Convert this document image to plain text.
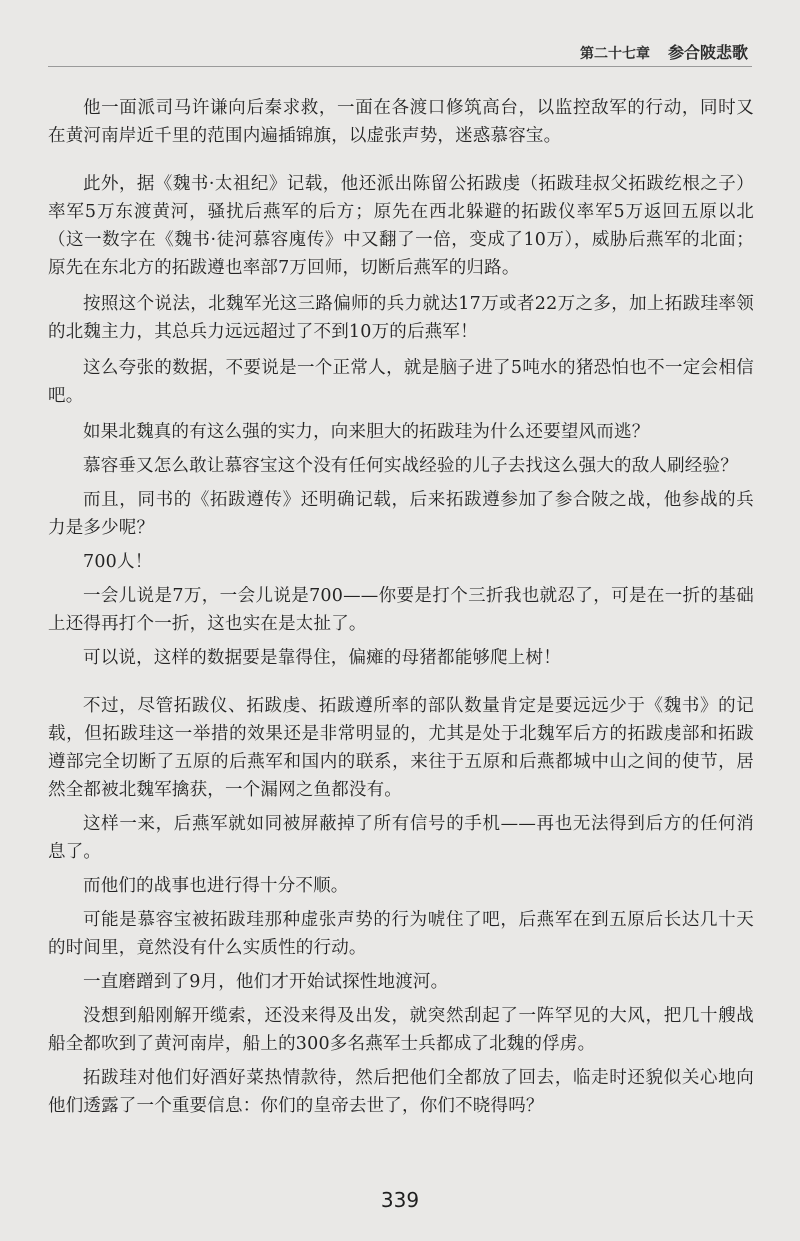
第二十七章 参合陂悲歌

他一面派司马许谦向后秦求救，一面在各渡口修筑高台，以监控敌军的行动，同时又在黄河南岸近千里的范围内遍插锦旗，以虚张声势，迷惑慕容宝。

此外，据《魏书·太祖纪》记载，他还派出陈留公拓跋虔（拓跋珪叔父拓跋纥根之子）率军5万东渡黄河，骚扰后燕军的后方；原先在西北躲避的拓跋仪率军5万返回五原以北（这一数字在《魏书·徒河慕容廆传》中又翻了一倍，变成了10万），威胁后燕军的北面；原先在东北方的拓跋遵也率部7万回师，切断后燕军的归路。

按照这个说法，北魏军光这三路偏师的兵力就达17万或者22万之多，加上拓跋珪率领的北魏主力，其总兵力远远超过了不到10万的后燕军！

这么夸张的数据，不要说是一个正常人，就是脑子进了5吨水的猪恐怕也不一定会相信吧。

如果北魏真的有这么强的实力，向来胆大的拓跋珪为什么还要望风而逃？

慕容垂又怎么敢让慕容宝这个没有任何实战经验的儿子去找这么强大的敌人刷经验？

而且，同书的《拓跋遵传》还明确记载，后来拓跋遵参加了参合陂之战，他参战的兵力是多少呢？

700人！

一会儿说是7万，一会儿说是700——你要是打个三折我也就忍了，可是在一折的基础上还得再打个一折，这也实在是太扯了。

可以说，这样的数据要是靠得住，偏瘫的母猪都能够爬上树！

不过，尽管拓跋仪、拓跋虔、拓跋遵所率的部队数量肯定是要远远少于《魏书》的记载，但拓跋珪这一举措的效果还是非常明显的，尤其是处于北魏军后方的拓跋虔部和拓跋遵部完全切断了五原的后燕军和国内的联系，来往于五原和后燕都城中山之间的使节，居然全都被北魏军擒获，一个漏网之鱼都没有。

这样一来，后燕军就如同被屏蔽掉了所有信号的手机——再也无法得到后方的任何消息了。

而他们的战事也进行得十分不顺。

可能是慕容宝被拓跋珪那种虚张声势的行为唬住了吧，后燕军在到五原后长达几十天的时间里，竟然没有什么实质性的行动。

一直磨蹭到了9月，他们才开始试探性地渡河。

没想到船刚解开缆索，还没来得及出发，就突然刮起了一阵罕见的大风，把几十艘战船全都吹到了黄河南岸，船上的300多名燕军士兵都成了北魏的俘虏。

拓跋珪对他们好酒好菜热情款待，然后把他们全都放了回去，临走时还貌似关心地向他们透露了一个重要信息：你们的皇帝去世了，你们不晓得吗？

339
